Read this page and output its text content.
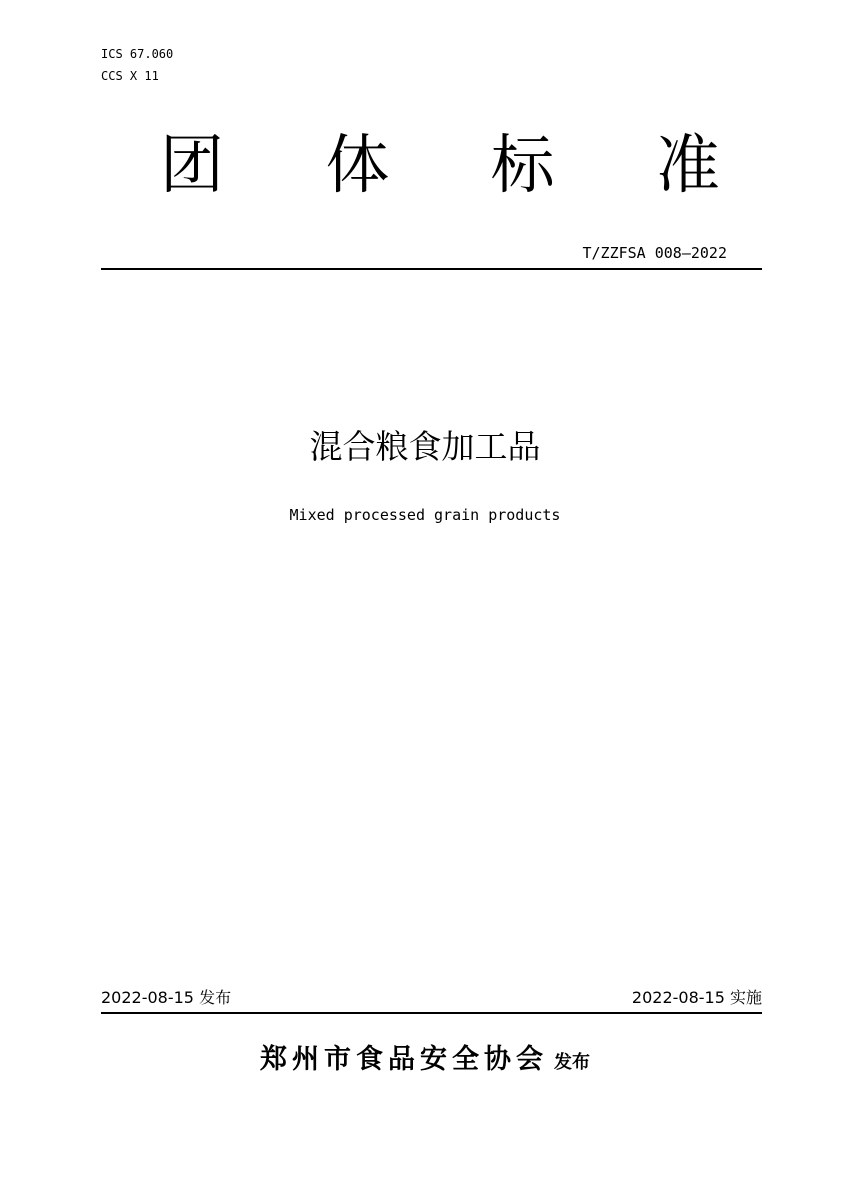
ICS 67.060
CCS X 11
团 体 标 准
T/ZZFSA 008—2022
混合粮食加工品
Mixed processed grain products
2022-08-15 发布	2022-08-15 实施
郑州市食品安全协会 发布
